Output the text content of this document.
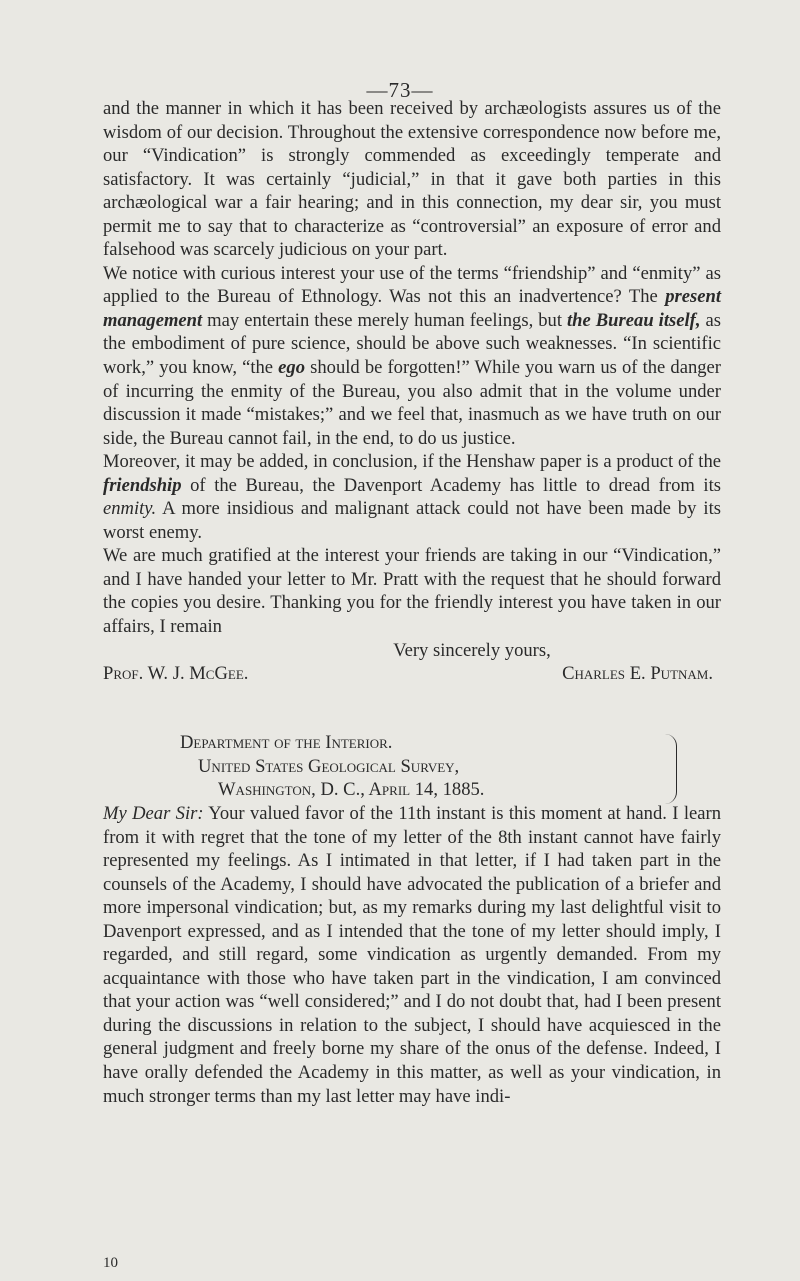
—73—

and the manner in which it has been received by archæologists assures us of the wisdom of our decision. Throughout the extensive correspondence now before me, our “Vindication” is strongly commended as exceedingly temperate and satisfactory. It was certainly “judicial,” in that it gave both parties in this archæological war a fair hearing; and in this connection, my dear sir, you must permit me to say that to characterize as “controversial” an exposure of error and falsehood was scarcely judicious on your part.

We notice with curious interest your use of the terms “friendship” and “enmity” as applied to the Bureau of Ethnology. Was not this an inadvertence? The present management may entertain these merely human feelings, but the Bureau itself, as the embodiment of pure science, should be above such weaknesses. “In scientific work,” you know, “the ego should be forgotten!” While you warn us of the danger of incurring the enmity of the Bureau, you also admit that in the volume under discussion it made “mistakes;” and we feel that, inasmuch as we have truth on our side, the Bureau cannot fail, in the end, to do us justice.

Moreover, it may be added, in conclusion, if the Henshaw paper is a product of the friendship of the Bureau, the Davenport Academy has little to dread from its enmity. A more insidious and malignant attack could not have been made by its worst enemy.

We are much gratified at the interest your friends are taking in our “Vindication,” and I have handed your letter to Mr. Pratt with the request that he should forward the copies you desire. Thanking you for the friendly interest you have taken in our affairs, I remain

Very sincerely yours,
Prof. W. J. McGee.	Charles E. Putnam.
Department of the Interior.
United States Geological Survey,
Washington, D. C., April 14, 1885.
My Dear Sir: Your valued favor of the 11th instant is this moment at hand. I learn from it with regret that the tone of my letter of the 8th instant cannot have fairly represented my feelings. As I intimated in that letter, if I had taken part in the counsels of the Academy, I should have advocated the publication of a briefer and more impersonal vindication; but, as my remarks during my last delightful visit to Davenport expressed, and as I intended that the tone of my letter should imply, I regarded, and still regard, some vindication as urgently demanded. From my acquaintance with those who have taken part in the vindication, I am convinced that your action was “well considered;” and I do not doubt that, had I been present during the discussions in relation to the subject, I should have acquiesced in the general judgment and freely borne my share of the onus of the defense. Indeed, I have orally defended the Academy in this matter, as well as your vindication, in much stronger terms than my last letter may have indi-
10
